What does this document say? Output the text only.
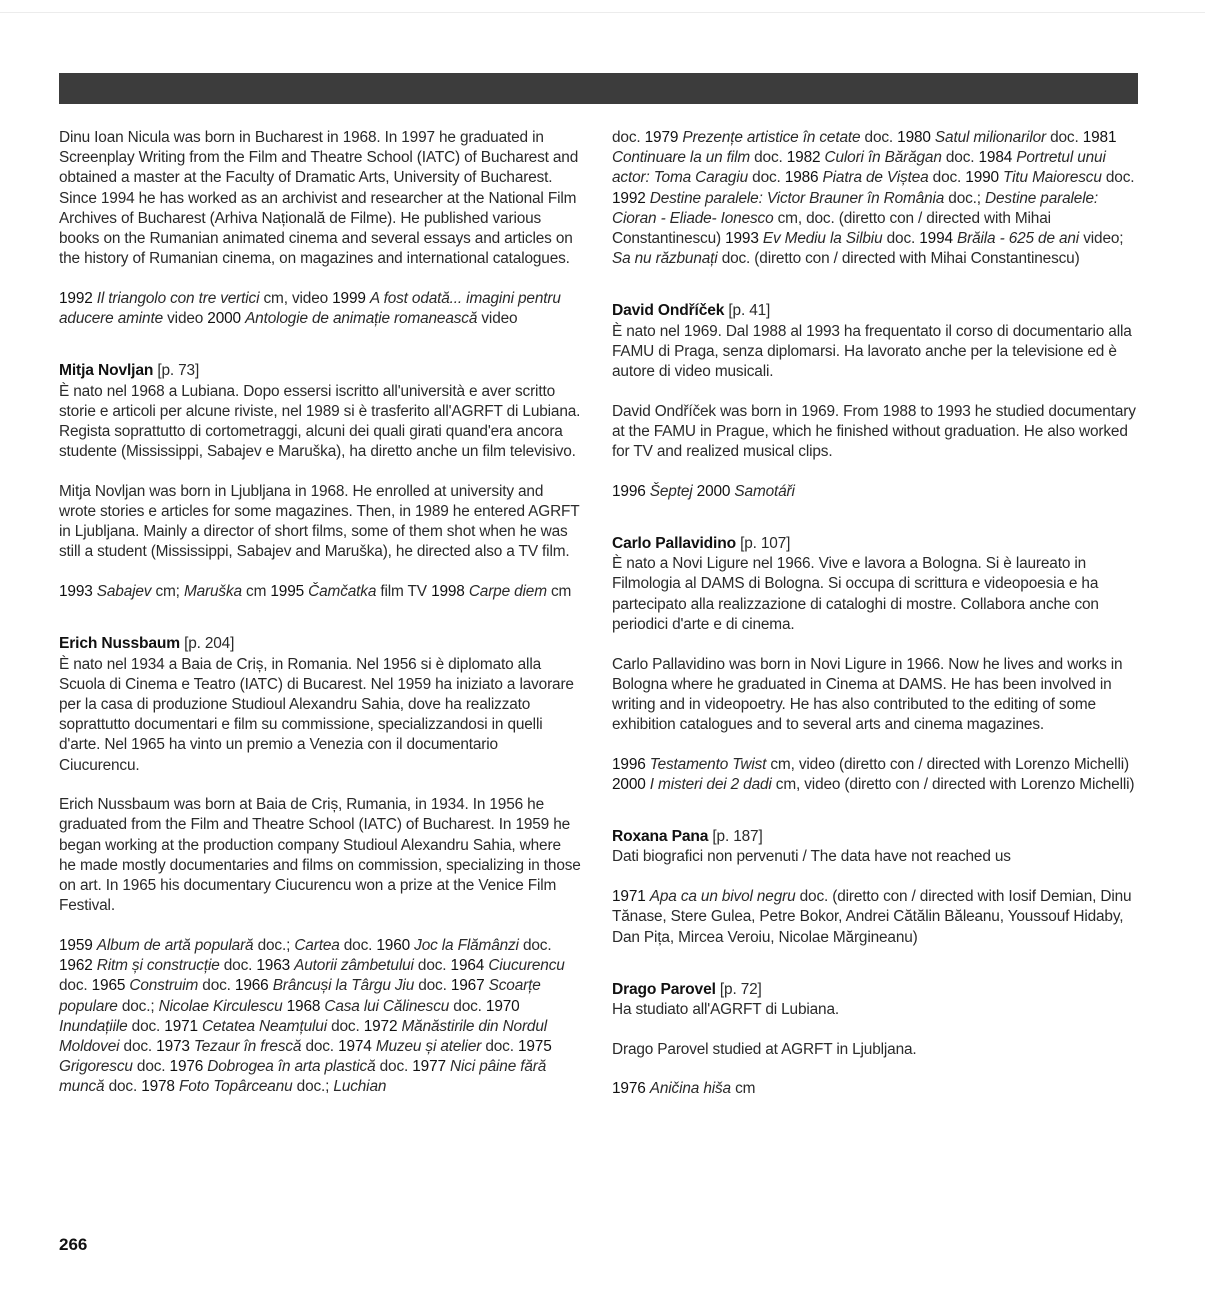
Dinu Ioan Nicula was born in Bucharest in 1968. In 1997 he graduated in Screenplay Writing from the Film and Theatre School (IATC) of Bucharest and obtained a master at the Faculty of Dramatic Arts, University of Bucharest. Since 1994 he has worked as an archivist and researcher at the National Film Archives of Bucharest (Arhiva Națională de Filme). He published various books on the Rumanian animated cinema and several essays and articles on the history of Rumanian cinema, on magazines and international catalogues.

1992 Il triangolo con tre vertici cm, video 1999 A fost odată... imagini pentru aducere aminte video 2000 Antologie de animație romanească video

Mitja Novljan [p. 73]

È nato nel 1968 a Lubiana. Dopo essersi iscritto all'università e aver scritto storie e articoli per alcune riviste, nel 1989 si è trasferito all'AGRFT di Lubiana. Regista soprattutto di cortometraggi, alcuni dei quali girati quand'era ancora studente (Mississippi, Sabajev e Maruška), ha diretto anche un film televisivo.

Mitja Novljan was born in Ljubljana in 1968. He enrolled at university and wrote stories e articles for some magazines. Then, in 1989 he entered AGRFT in Ljubljana. Mainly a director of short films, some of them shot when he was still a student (Mississippi, Sabajev and Maruška), he directed also a TV film.

1993 Sabajev cm; Maruška cm 1995 Čamčatka film TV 1998 Carpe diem cm

Erich Nussbaum [p. 204]

È nato nel 1934 a Baia de Criș, in Romania. Nel 1956 si è diplomato alla Scuola di Cinema e Teatro (IATC) di Bucarest. Nel 1959 ha iniziato a lavorare per la casa di produzione Studioul Alexandru Sahia, dove ha realizzato soprattutto documentari e film su commissione, specializzandosi in quelli d'arte. Nel 1965 ha vinto un premio a Venezia con il documentario Ciucurencu.

Erich Nussbaum was born at Baia de Criș, Rumania, in 1934. In 1956 he graduated from the Film and Theatre School (IATC) of Bucharest. In 1959 he began working at the production company Studioul Alexandru Sahia, where he made mostly documentaries and films on commission, specializing in those on art. In 1965 his documentary Ciucurencu won a prize at the Venice Film Festival.

1959 Album de artă populară doc.; Cartea doc. 1960 Joc la Flămânzi doc. 1962 Ritm și construcție doc. 1963 Autorii zâmbetului doc. 1964 Ciucurencu doc. 1965 Construim doc. 1966 Brâncuși la Târgu Jiu doc. 1967 Scoarțe populare doc.; Nicolae Kirculescu 1968 Casa lui Călinescu doc. 1970 Inundațiile doc. 1971 Cetatea Neamțului doc. 1972 Mănăstirile din Nordul Moldovei doc. 1973 Tezaur în frescă doc. 1974 Muzeu și atelier doc. 1975 Grigorescu doc. 1976 Dobrogea în arta plastică doc. 1977 Nici pâine fără muncă doc. 1978 Foto Topârceanu doc.; Luchian

doc. 1979 Prezențe artistice în cetate doc. 1980 Satul milionarilor doc. 1981 Continuare la un film doc. 1982 Culori în Bărăgan doc. 1984 Portretul unui actor: Toma Caragiu doc. 1986 Piatra de Viștea doc. 1990 Titu Maiorescu doc. 1992 Destine paralele: Victor Brauner în România doc.; Destine paralele: Cioran - Eliade- Ionesco cm, doc. (diretto con / directed with Mihai Constantinescu) 1993 Ev Mediu la Silbiu doc. 1994 Brăila - 625 de ani video; Sa nu răzbunați doc. (diretto con / directed with Mihai Constantinescu)

David Ondříček [p. 41]

È nato nel 1969. Dal 1988 al 1993 ha frequentato il corso di documentario alla FAMU di Praga, senza diplomarsi. Ha lavorato anche per la televisione ed è autore di video musicali.

David Ondříček was born in 1969. From 1988 to 1993 he studied documentary at the FAMU in Prague, which he finished without graduation. He also worked for TV and realized musical clips.

1996 Šeptej 2000 Samotáři

Carlo Pallavidino [p. 107]

È nato a Novi Ligure nel 1966. Vive e lavora a Bologna. Si è laureato in Filmologia al DAMS di Bologna. Si occupa di scrittura e videopoesia e ha partecipato alla realizzazione di cataloghi di mostre. Collabora anche con periodici d'arte e di cinema.

Carlo Pallavidino was born in Novi Ligure in 1966. Now he lives and works in Bologna where he graduated in Cinema at DAMS. He has been involved in writing and in videopoetry. He has also contributed to the editing of some exhibition catalogues and to several arts and cinema magazines.

1996 Testamento Twist cm, video (diretto con / directed with Lorenzo Michelli) 2000 I misteri dei 2 dadi cm, video (diretto con / directed with Lorenzo Michelli)

Roxana Pana [p. 187]

Dati biografici non pervenuti / The data have not reached us

1971 Apa ca un bivol negru doc. (diretto con / directed with Iosif Demian, Dinu Tănase, Stere Gulea, Petre Bokor, Andrei Cătălin Băleanu, Youssouf Hidaby, Dan Pița, Mircea Veroiu, Nicolae Mărgineanu)

Drago Parovel [p. 72]

Ha studiato all'AGRFT di Lubiana.

Drago Parovel studied at AGRFT in Ljubljana.

1976 Aničina hiša cm

266
